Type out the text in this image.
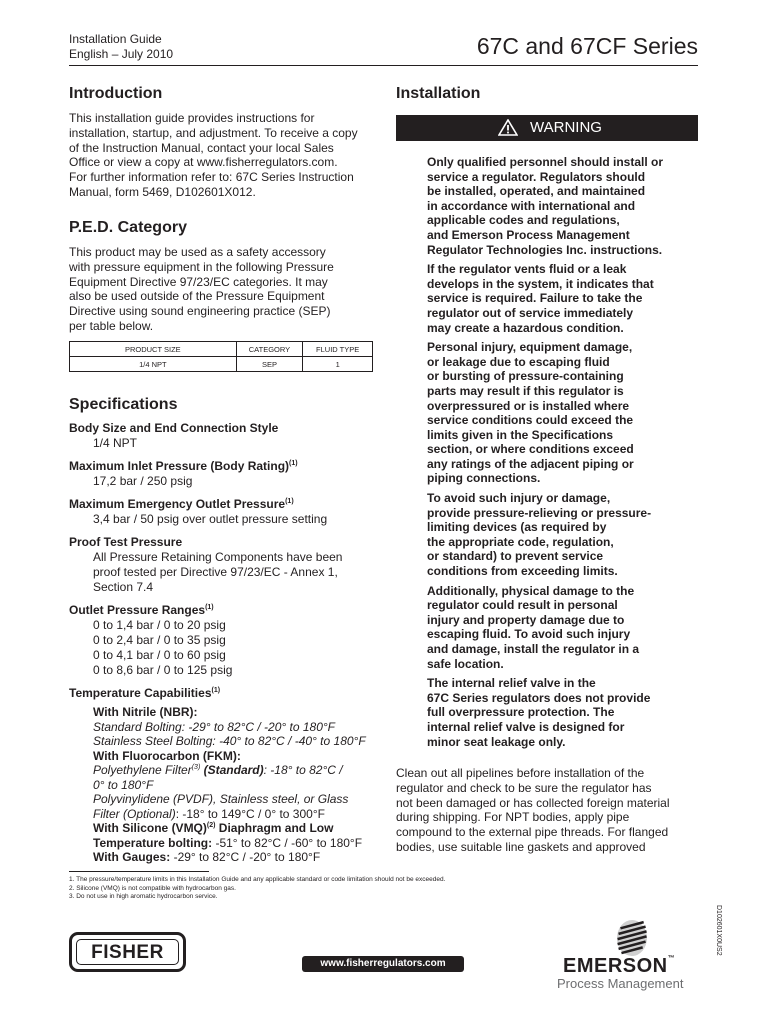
Installation Guide
English – July 2010	67C and 67CF Series
Introduction
This installation guide provides instructions for
installation, startup, and adjustment. To receive a copy
of the Instruction Manual, contact your local Sales
Office or view a copy at www.fisherregulators.com.
For further information refer to: 67C Series Instruction
Manual, form 5469, D102601X012.
P.E.D. Category
This product may be used as a safety accessory
with pressure equipment in the following Pressure
Equipment Directive 97/23/EC categories. It may
also be used outside of the Pressure Equipment
Directive using sound engineering practice (SEP)
per table below.
PRODUCT SIZE	CATEGORY	FLUID TYPE
1/4 NPT	SEP	1
Specifications
Body Size and End Connection Style
1/4 NPT
Maximum Inlet Pressure (Body Rating)$^{(1)}$
17,2 bar / 250 psig
Maximum Emergency Outlet Pressure$^{(1)}$
3,4 bar / 50 psig over outlet pressure setting
Proof Test Pressure
All Pressure Retaining Components have been
proof tested per Directive 97/23/EC - Annex 1,
Section 7.4
Outlet Pressure Ranges$^{(1)}$
0 to 1,4 bar / 0 to 20 psig
0 to 2,4 bar / 0 to 35 psig
0 to 4,1 bar / 0 to 60 psig
0 to 8,6 bar / 0 to 125 psig
Temperature Capabilities$^{(1)}$
With Nitrile (NBR):
Standard Bolting: -29° to 82°C / -20° to 180°F
Stainless Steel Bolting: -40° to 82°C / -40° to 180°F
With Fluorocarbon (FKM):
Polyethylene Filter$^{(3)}$ (Standard): -18° to 82°C /
0° to 180°F
Polyvinylidene (PVDF), Stainless steel, or Glass
Filter (Optional): -18° to 149°C / 0° to 300°F
With Silicone (VMQ)$^{(2)}$ Diaphragm and Low
Temperature bolting: -51° to 82°C / -60° to 180°F
With Gauges: -29° to 82°C / -20° to 180°F
Installation
WARNING
Only qualified personnel should install or
service a regulator. Regulators should
be installed, operated, and maintained
in accordance with international and
applicable codes and regulations,
and Emerson Process Management
Regulator Technologies Inc. instructions.
If the regulator vents fluid or a leak
develops in the system, it indicates that
service is required. Failure to take the
regulator out of service immediately
may create a hazardous condition.
Personal injury, equipment damage,
or leakage due to escaping fluid
or bursting of pressure-containing
parts may result if this regulator is
overpressured or is installed where
service conditions could exceed the
limits given in the Specifications
section, or where conditions exceed
any ratings of the adjacent piping or
piping connections.
To avoid such injury or damage,
provide pressure-relieving or pressure-
limiting devices (as required by
the appropriate code, regulation,
or standard) to prevent service
conditions from exceeding limits.
Additionally, physical damage to the
regulator could result in personal
injury and property damage due to
escaping fluid. To avoid such injury
and damage, install the regulator in a
safe location.
The internal relief valve in the
67C Series regulators does not provide
full overpressure protection. The
internal relief valve is designed for
minor seat leakage only.
Clean out all pipelines before installation of the
regulator and check to be sure the regulator has
not been damaged or has collected foreign material
during shipping. For NPT bodies, apply pipe
compound to the external pipe threads. For flanged
bodies, use suitable line gaskets and approved
1. The pressure/temperature limits in this Installation Guide and any applicable standard or code limitation should not be exceeded.
2. Silicone (VMQ) is not compatible with hydrocarbon gas.
3. Do not use in high aromatic hydrocarbon service.
FISHER
www.fisherregulators.com	EMERSON™
Process Management
D102601X0US2
